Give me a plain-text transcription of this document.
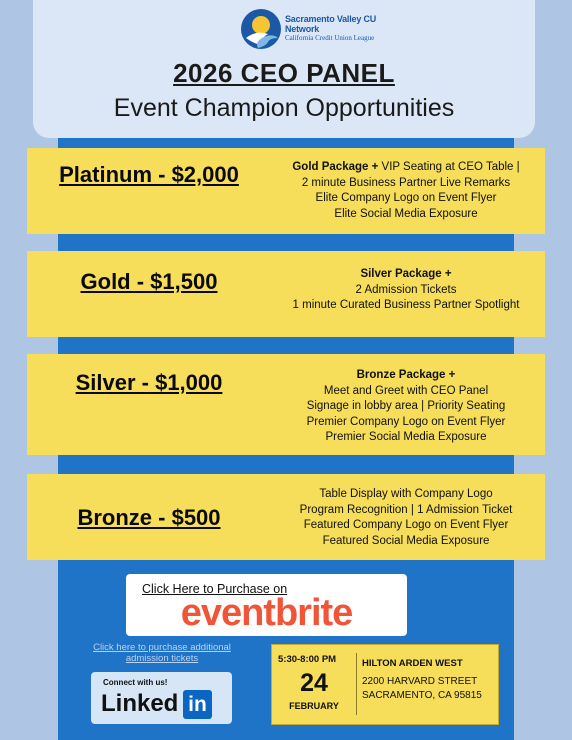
Sacramento Valley CU Network
California Credit Union League
2026 CEO PANEL
Event Champion Opportunities
Platinum - $2,000	Gold Package + VIP Seating at CEO Table |
2 minute Business Partner Live Remarks
Elite Company Logo on Event Flyer
Elite Social Media Exposure
Gold - $1,500	Silver Package +
2 Admission Tickets
1 minute Curated Business Partner Spotlight
Silver - $1,000	Bronze Package +
Meet and Greet with CEO Panel
Signage in lobby area | Priority Seating
Premier Company Logo on Event Flyer
Premier Social Media Exposure
Bronze - $500
Table Display with Company Logo
Program Recognition | 1 Admission Ticket
Featured Company Logo on Event Flyer
Featured Social Media Exposure
Click Here to Purchase on
eventbrite
Click here to purchase additional admission tickets
Connect with us!
Linked in
5:30-8:00 PM
24
FEBRUARY
HILTON ARDEN WEST
2200 HARVARD STREET
SACRAMENTO, CA 95815
